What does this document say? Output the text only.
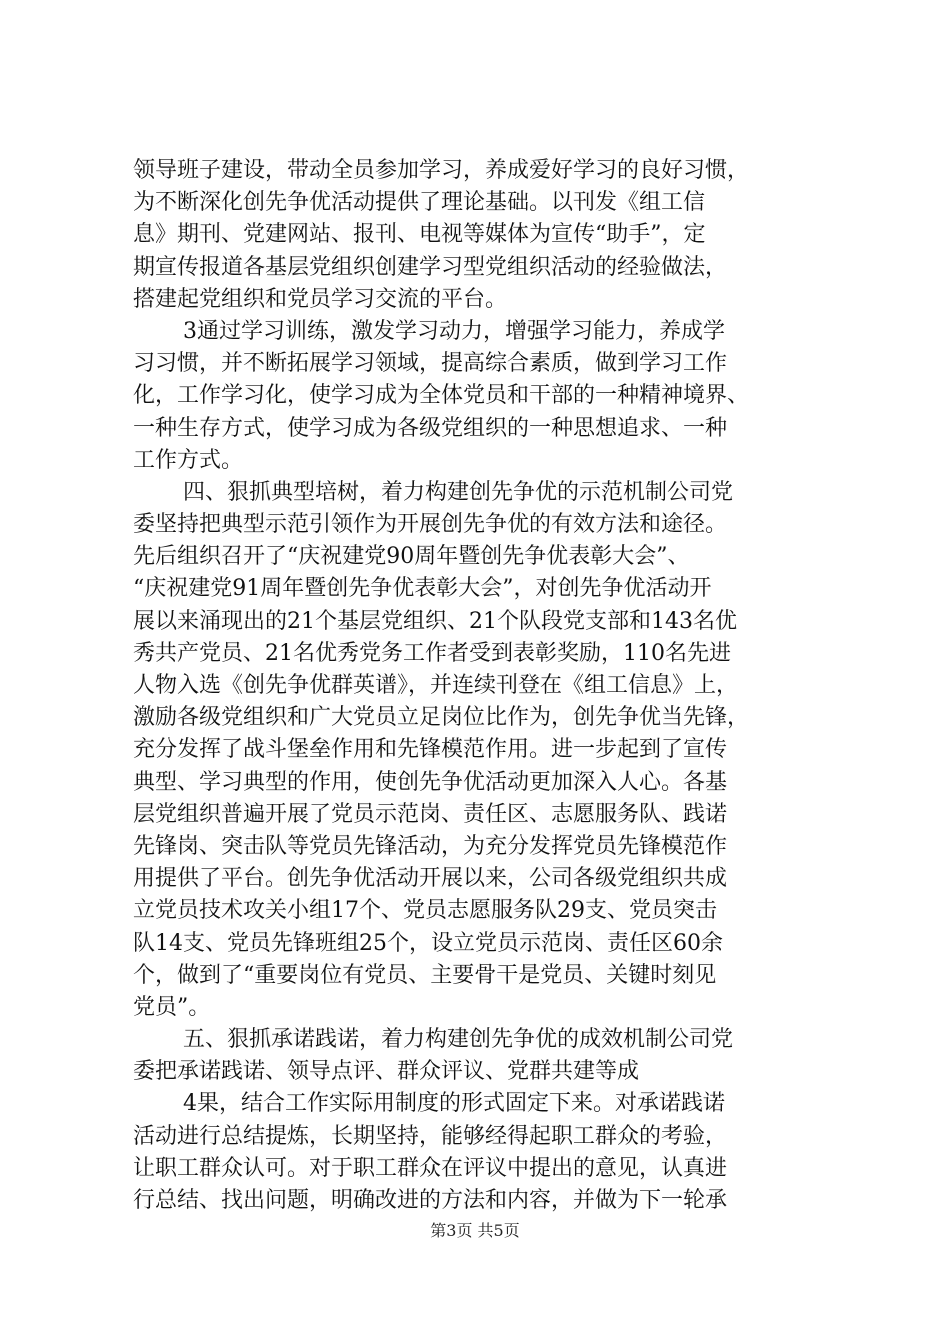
领导班子建设，带动全员参加学习，养成爱好学习的良好习惯，
为不断深化创先争优活动提供了理论基础。以刊发《组工信
息》期刊、党建网站、报刊、电视等媒体为宣传“助手”，定
期宣传报道各基层党组织创建学习型党组织活动的经验做法，
搭建起党组织和党员学习交流的平台。
3通过学习训练，激发学习动力，增强学习能力，养成学
习习惯，并不断拓展学习领域，提高综合素质，做到学习工作
化，工作学习化，使学习成为全体党员和干部的一种精神境界、
一种生存方式，使学习成为各级党组织的一种思想追求、一种
工作方式。
四、狠抓典型培树，着力构建创先争优的示范机制公司党
委坚持把典型示范引领作为开展创先争优的有效方法和途径。
先后组织召开了“庆祝建党90周年暨创先争优表彰大会”、
“庆祝建党91周年暨创先争优表彰大会”，对创先争优活动开
展以来涌现出的21个基层党组织、21个队段党支部和143名优
秀共产党员、21名优秀党务工作者受到表彰奖励，110名先进
人物入选《创先争优群英谱》，并连续刊登在《组工信息》上，
激励各级党组织和广大党员立足岗位比作为，创先争优当先锋，
充分发挥了战斗堡垒作用和先锋模范作用。进一步起到了宣传
典型、学习典型的作用，使创先争优活动更加深入人心。各基
层党组织普遍开展了党员示范岗、责任区、志愿服务队、践诺
先锋岗、突击队等党员先锋活动，为充分发挥党员先锋模范作
用提供了平台。创先争优活动开展以来，公司各级党组织共成
立党员技术攻关小组17个、党员志愿服务队29支、党员突击
队14支、党员先锋班组25个，设立党员示范岗、责任区60余
个，做到了“重要岗位有党员、主要骨干是党员、关键时刻见
党员”。
五、狠抓承诺践诺，着力构建创先争优的成效机制公司党
委把承诺践诺、领导点评、群众评议、党群共建等成
4果，结合工作实际用制度的形式固定下来。对承诺践诺
活动进行总结提炼，长期坚持，能够经得起职工群众的考验，
让职工群众认可。对于职工群众在评议中提出的意见，认真进
行总结、找出问题，明确改进的方法和内容，并做为下一轮承
第3页 共5页
